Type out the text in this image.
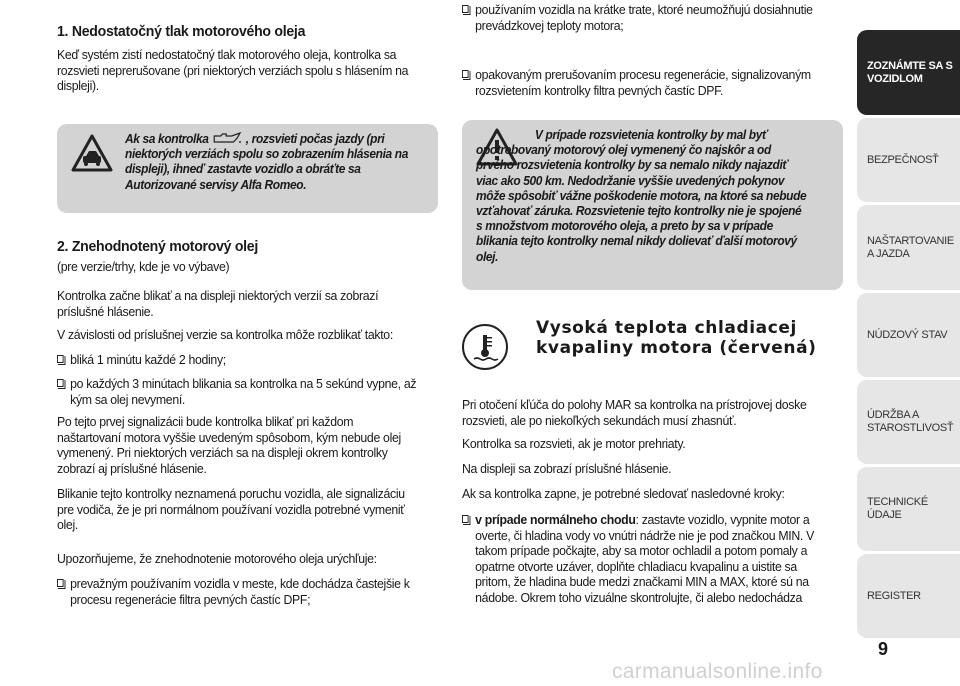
1. Nedostatočný tlak motorového oleja

Keď systém zistí nedostatočný tlak motorového oleja, kontrolka sa rozsvieti neprerušovane (pri niektorých verziách spolu s hlásením na displeji).

Ak sa kontrolka	, rozsvieti počas jazdy (pri niektorých verziách spolu so zobrazením hlásenia na displeji), ihneď zastavte vozidlo a obráťte sa Autorizované servisy Alfa Romeo.
2. Znehodnotený motorový olej

(pre verzie/trhy, kde je vo výbave)

Kontrolka začne blikať a na displeji niektorých verzií sa zobrazí príslušné hlásenie.

V závislosti od príslušnej verzie sa kontrolka môže rozblikať takto:

bliká 1 minútu každé 2 hodiny;
po každých 3 minútach blikania sa kontrolka na 5 sekúnd vypne, až kým sa olej nevymení.

Po tejto prvej signalizácii bude kontrolka blikať pri každom naštartovaní motora vyššie uvedeným spôsobom, kým nebude olej vymenený. Pri niektorých verziách sa na displeji okrem kontrolky zobrazí aj príslušné hlásenie.

Blikanie tejto kontrolky neznamená poruchu vozidla, ale signalizáciu pre vodiča, že je pri normálnom používaní vozidla potrebné vymeniť olej.

Upozorňujeme, že znehodnotenie motorového oleja urýchľuje:

prevažným používaním vozidla v meste, kde dochádza častejšie k procesu regenerácie filtra pevných častíc DPF;
používaním vozidla na krátke trate, ktoré neumožňujú dosiahnutie prevádzkovej teploty motora;
opakovaným prerušovaním procesu regenerácie, signalizovaným rozsvietením kontrolky filtra pevných častíc DPF.
V prípade rozsvietenia kontrolky by mal byť opotrebovaný motorový olej vymenený čo najskôr a od prvého rozsvietenia kontrolky by sa nemalo nikdy najazdiť viac ako 500 km. Nedodržanie vyššie uvedených pokynov môže spôsobiť vážne poškodenie motora, na ktoré sa nebude vzťahovať záruka. Rozsvietenie tejto kontrolky nie je spojené s množstvom motorového oleja, a preto by sa v prípade blikania tejto kontrolky nemal nikdy dolievať ďalší motorový olej.
Vysoká teplota chladiacej
kvapaliny motora (červená)

Pri otočení kľúča do polohy MAR sa kontrolka na prístrojovej doske rozsvieti, ale po niekoľkých sekundách musí zhasnúť.

Kontrolka sa rozsvieti, ak je motor prehriaty.

Na displeji sa zobrazí príslušné hlásenie.

Ak sa kontrolka zapne, je potrebné sledovať nasledovné kroky:

v prípade normálneho chodu: zastavte vozidlo, vypnite motor a overte, či hladina vody vo vnútri nádrže nie je pod značkou MIN. V takom prípade počkajte, aby sa motor ochladil a potom pomaly a opatrne otvorte uzáver, doplňte chladiacu kvapalinu a uistite sa pritom, že hladina bude medzi značkami MIN a MAX, ktoré sú na nádobe. Okrem toho vizuálne skontrolujte, či alebo nedochádza
ZOZNÁMTE SA S VOZIDLOM
BEZPEČNOSŤ
NAŠTARTOVANIE A JAZDA
NÚDZOVÝ STAV
ÚDRŽBA A STAROSTLIVOSŤ
TECHNICKÉ ÚDAJE
REGISTER
9
carmanualsonline.info
